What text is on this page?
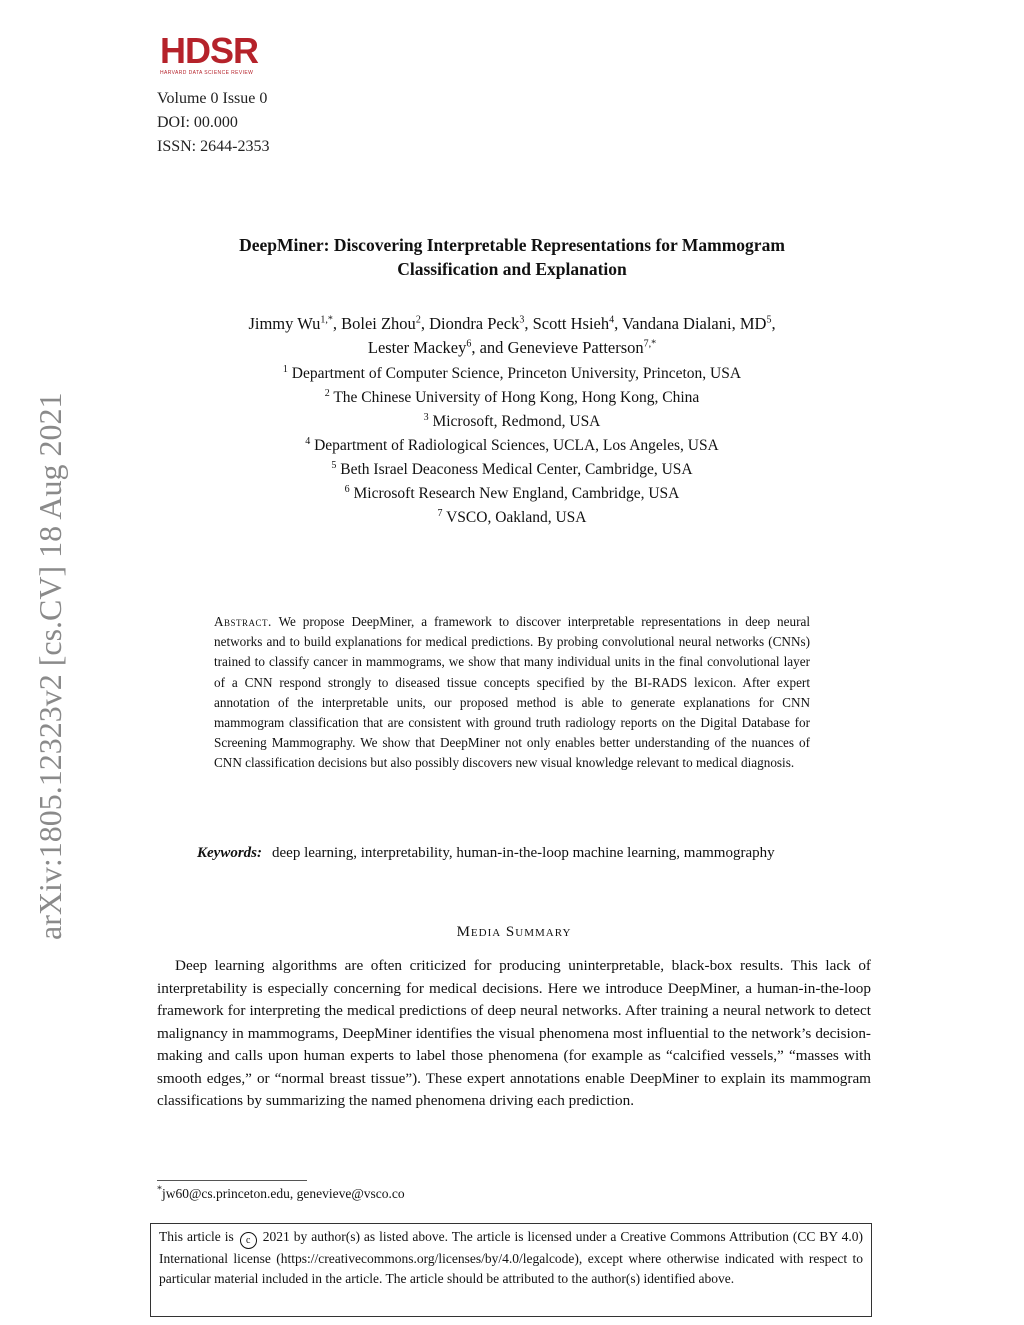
HDSR
HARVARD DATA SCIENCE REVIEW
Volume 0 Issue 0
DOI: 00.000
ISSN: 2644-2353
arXiv:1805.12323v2 [cs.CV] 18 Aug 2021
DeepMiner: Discovering Interpretable Representations for Mammogram
Classification and Explanation
Jimmy $Wu^{1,*}$, Bolei Zhou$^2$, Diondra Peck$^3$, Scott Hsieh$^4$, Vandana Dialani, $MD^5$,
Lester Mackey$^6$, and Genevieve Patterson$^{7,*}$
$^1$ Department of Computer Science, Princeton University, Princeton, USA
$^2$ The Chinese University of Hong Kong, Hong Kong, China
$^3$ Microsoft, Redmond, USA
$^4$ Department of Radiological Sciences, UCLA, Los Angeles, USA
$^5$ Beth Israel Deaconess Medical Center, Cambridge, USA
$^6$ Microsoft Research New England, Cambridge, USA
$^7$ VSCO, Oakland, USA
Abstract. We propose DeepMiner, a framework to discover interpretable representations in deep neural networks and to build explanations for medical predictions. By probing convolutional neural networks (CNNs) trained to classify cancer in mammograms, we show that many individual units in the final convolutional layer of a CNN respond strongly to diseased tissue concepts specified by the BI-RADS lexicon. After expert annotation of the interpretable units, our proposed method is able to generate explanations for CNN mammogram classification that are consistent with ground truth radiology reports on the Digital Database for Screening Mammography. We show that DeepMiner not only enables better understanding of the nuances of CNN classification decisions but also possibly discovers new visual knowledge relevant to medical diagnosis.
Keywords: deep learning, interpretability, human-in-the-loop machine learning, mammography
Media Summary
Deep learning algorithms are often criticized for producing uninterpretable, black-box results. This lack of interpretability is especially concerning for medical decisions. Here we introduce DeepMiner, a human-in-the-loop framework for interpreting the medical predictions of deep neural networks. After training a neural network to detect malignancy in mammograms, DeepMiner identifies the visual phenomena most influential to the network’s decision-making and calls upon human experts to label those phenomena (for example as “calcified vessels,” “masses with smooth edges,” or “normal breast tissue”). These expert annotations enable DeepMiner to explain its mammogram classifications by summarizing the named phenomena driving each prediction.
*jw60@cs.princeton.edu, genevieve@vsco.co
This article is c 2021 by author(s) as listed above. The article is licensed under a Creative Commons Attribution (CC BY 4.0) International license (https://creativecommons.org/licenses/by/4.0/legalcode), except where otherwise indicated with respect to particular material included in the article. The article should be attributed to the author(s) identified above.
